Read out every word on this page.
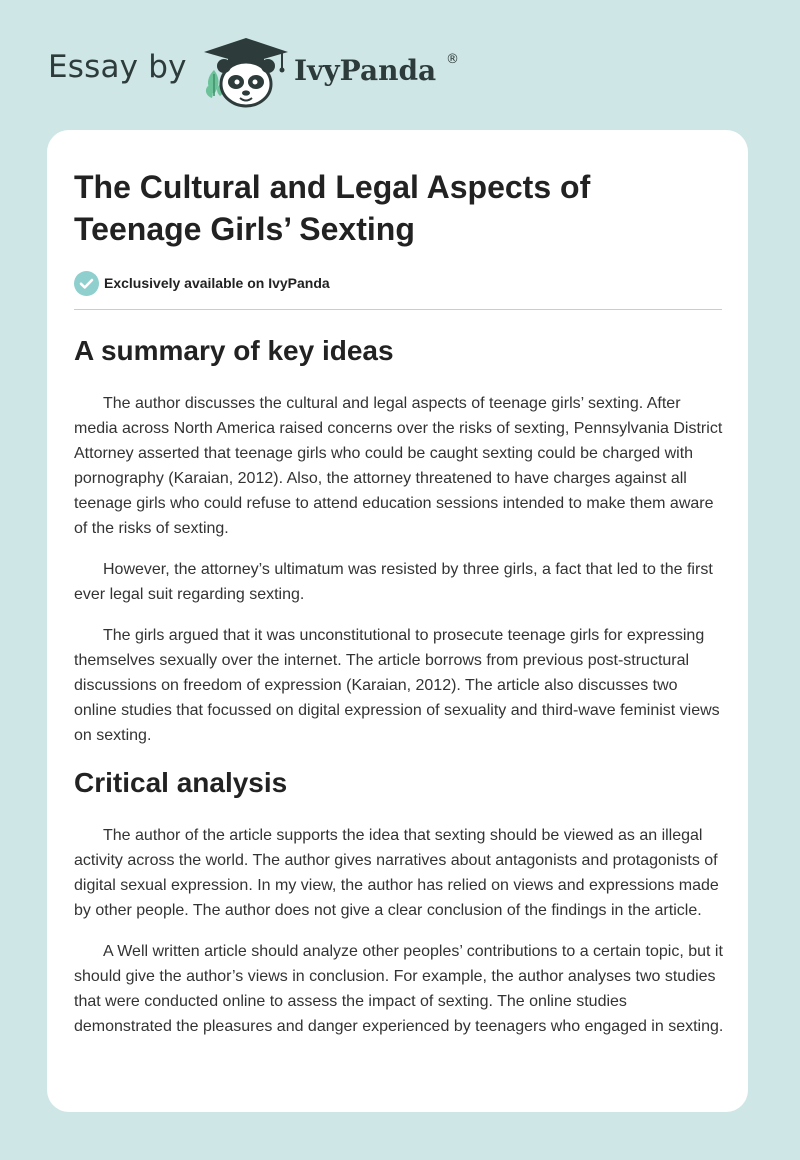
Essay by	IvyPanda ®
The Cultural and Legal Aspects of Teenage Girls’ Sexting
Exclusively available on IvyPanda
A summary of key ideas

The author discusses the cultural and legal aspects of teenage girls’ sexting. After media across North America raised concerns over the risks of sexting, Pennsylvania District Attorney asserted that teenage girls who could be caught sexting could be charged with pornography (Karaian, 2012). Also, the attorney threatened to have charges against all teenage girls who could refuse to attend education sessions intended to make them aware of the risks of sexting.

However, the attorney’s ultimatum was resisted by three girls, a fact that led to the first ever legal suit regarding sexting.

The girls argued that it was unconstitutional to prosecute teenage girls for expressing themselves sexually over the internet. The article borrows from previous post-structural discussions on freedom of expression (Karaian, 2012). The article also discusses two online studies that focussed on digital expression of sexuality and third-wave feminist views on sexting.

Critical analysis

The author of the article supports the idea that sexting should be viewed as an illegal activity across the world. The author gives narratives about antagonists and protagonists of digital sexual expression. In my view, the author has relied on views and expressions made by other people. The author does not give a clear conclusion of the findings in the article.

A Well written article should analyze other peoples’ contributions to a certain topic, but it should give the author’s views in conclusion. For example, the author analyses two studies that were conducted online to assess the impact of sexting. The online studies demonstrated the pleasures and danger experienced by teenagers who engaged in sexting.
